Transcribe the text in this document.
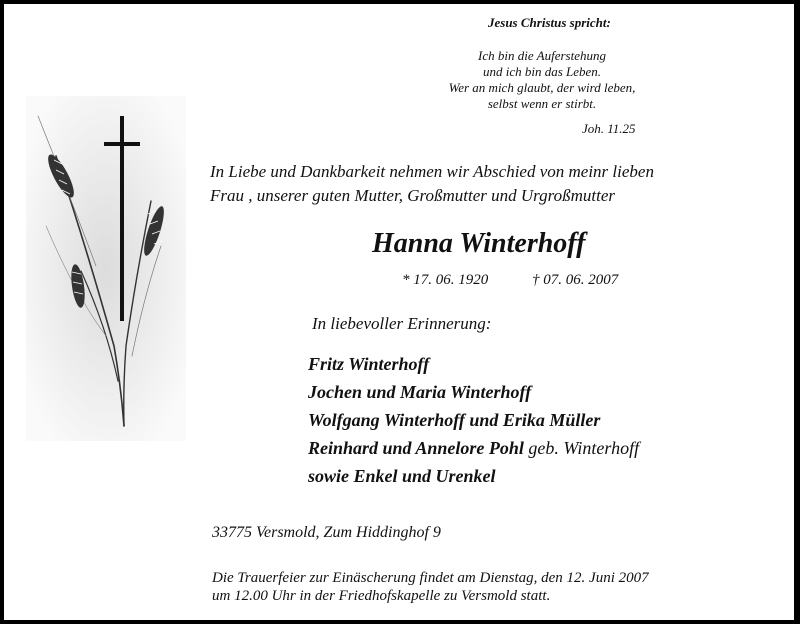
Jesus Christus spricht:
Ich bin die Auferstehung
und ich bin das Leben.
Wer an mich glaubt, der wird leben,
selbst wenn er stirbt.
Joh. 11.25
In Liebe und Dankbarkeit nehmen wir Abschied von meinr lieben
Frau , unserer guten Mutter, Großmutter und Urgroßmutter
Hanna Winterhoff
* 17. 06. 1920	† 07. 06. 2007
In liebevoller Erinnerung:
Fritz Winterhoff
Jochen und Maria Winterhoff
Wolfgang Winterhoff und Erika Müller
Reinhard und Annelore Pohl geb. Winterhoff
sowie Enkel und Urenkel
33775 Versmold, Zum Hiddinghof 9
Die Trauerfeier zur Einäscherung findet am Dienstag, den 12. Juni 2007
um 12.00 Uhr in der Friedhofskapelle zu Versmold statt.
